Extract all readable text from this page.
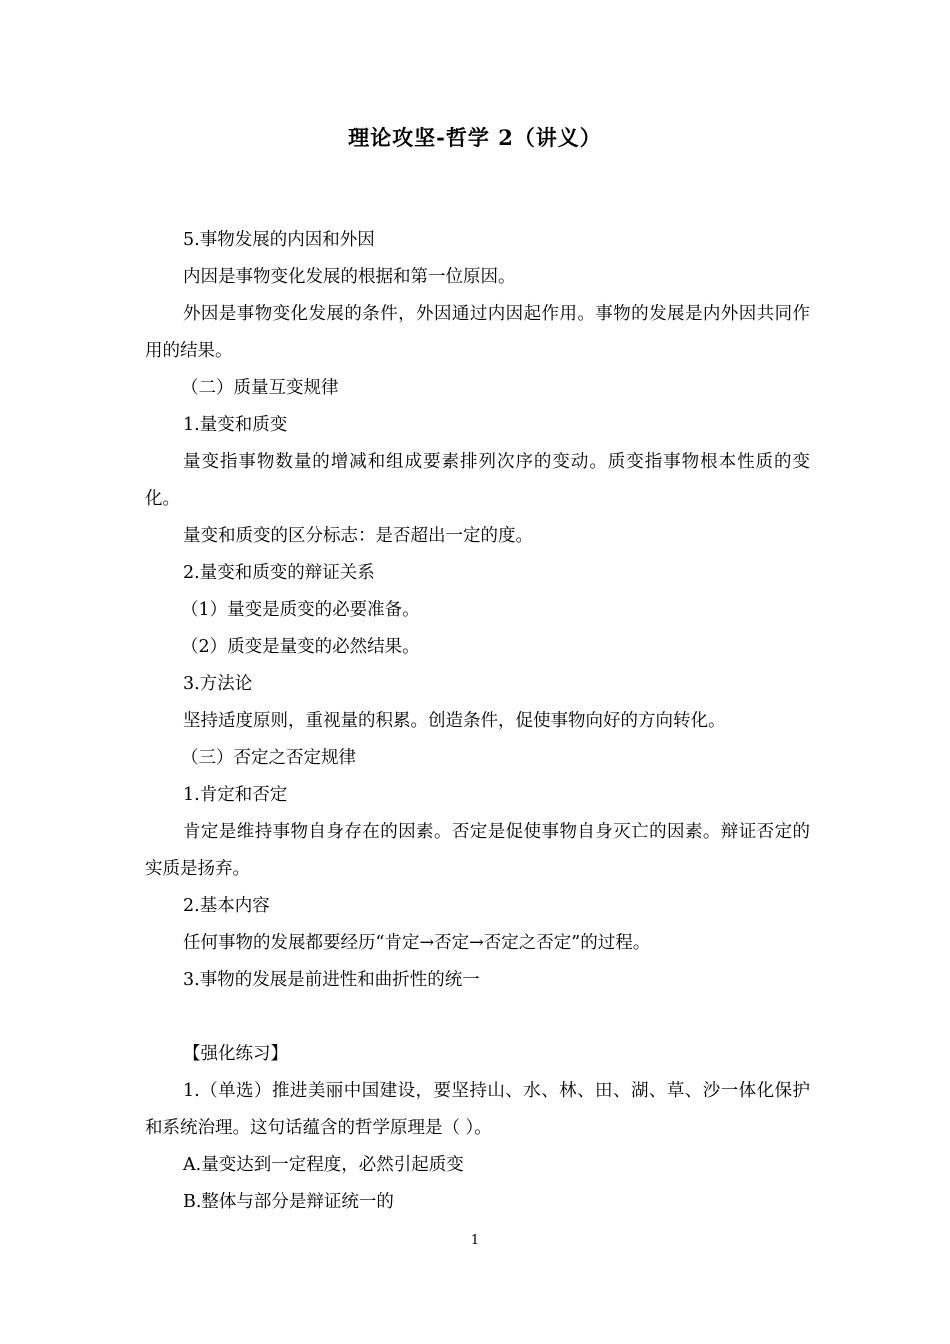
理论攻坚-哲学 2（讲义）

5.事物发展的内因和外因

内因是事物变化发展的根据和第一位原因。

外因是事物变化发展的条件，外因通过内因起作用。事物的发展是内外因共同作用的结果。

（二）质量互变规律

1.量变和质变

量变指事物数量的增减和组成要素排列次序的变动。质变指事物根本性质的变化。

量变和质变的区分标志：是否超出一定的度。

2.量变和质变的辩证关系

（1）量变是质变的必要准备。

（2）质变是量变的必然结果。

3.方法论

坚持适度原则，重视量的积累。创造条件，促使事物向好的方向转化。

（三）否定之否定规律

1.肯定和否定

肯定是维持事物自身存在的因素。否定是促使事物自身灭亡的因素。辩证否定的实质是扬弃。

2.基本内容

任何事物的发展都要经历“肯定→否定→否定之否定”的过程。

3.事物的发展是前进性和曲折性的统一

【强化练习】

1.（单选）推进美丽中国建设，要坚持山、水、林、田、湖、草、沙一体化保护和系统治理。这句话蕴含的哲学原理是（ ）。

A.量变达到一定程度，必然引起质变

B.整体与部分是辩证统一的

1
